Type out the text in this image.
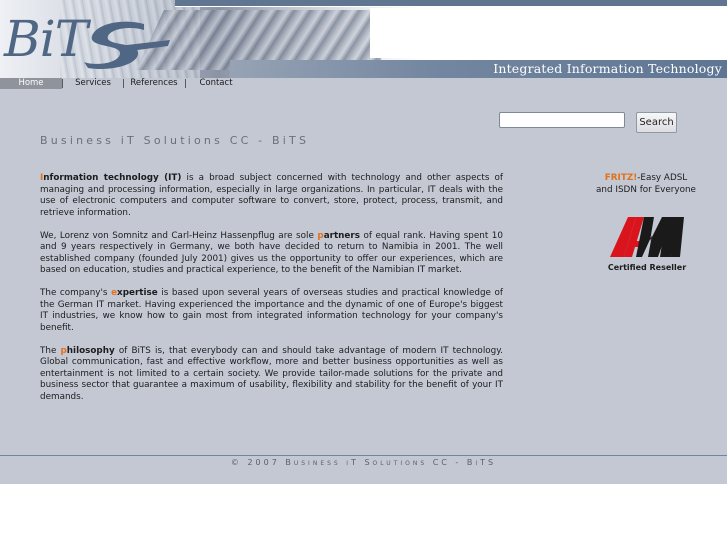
Integrated Information Technology
BiT
Home	Services	References	Contact
Search
Business iT Solutions CC - BiTS

Information technology (IT) is a broad subject concerned with technology and other aspects of managing and processing information, especially in large organizations. In particular, IT deals with the use of electronic computers and computer software to convert, store, protect, process, transmit, and retrieve information.

We, Lorenz von Somnitz and Carl-Heinz Hassenpflug are sole partners of equal rank. Having spent 10 and 9 years respectively in Germany, we both have decided to return to Namibia in 2001. The well established company (founded July 2001) gives us the opportunity to offer our experiences, which are based on education, studies and practical experience, to the benefit of the Namibian IT market.

The company's expertise is based upon several years of overseas studies and practical knowledge of the German IT market. Having experienced the importance and the dynamic of one of Europe's biggest IT industries, we know how to gain most from integrated information technology for your company's benefit.

The philosophy of BiTS is, that everybody can and should take advantage of modern IT technology. Global communication, fast and effective workflow, more and better business opportunities as well as entertainment is not limited to a certain society. We provide tailor-made solutions for the private and business sector that guarantee a maximum of usability, flexibility and stability for the benefit of your IT demands.

FRITZ!-Easy ADSL and ISDN for Everyone
AVM
Certified Reseller
© 2007 Business iT Solutions CC - BiTS
